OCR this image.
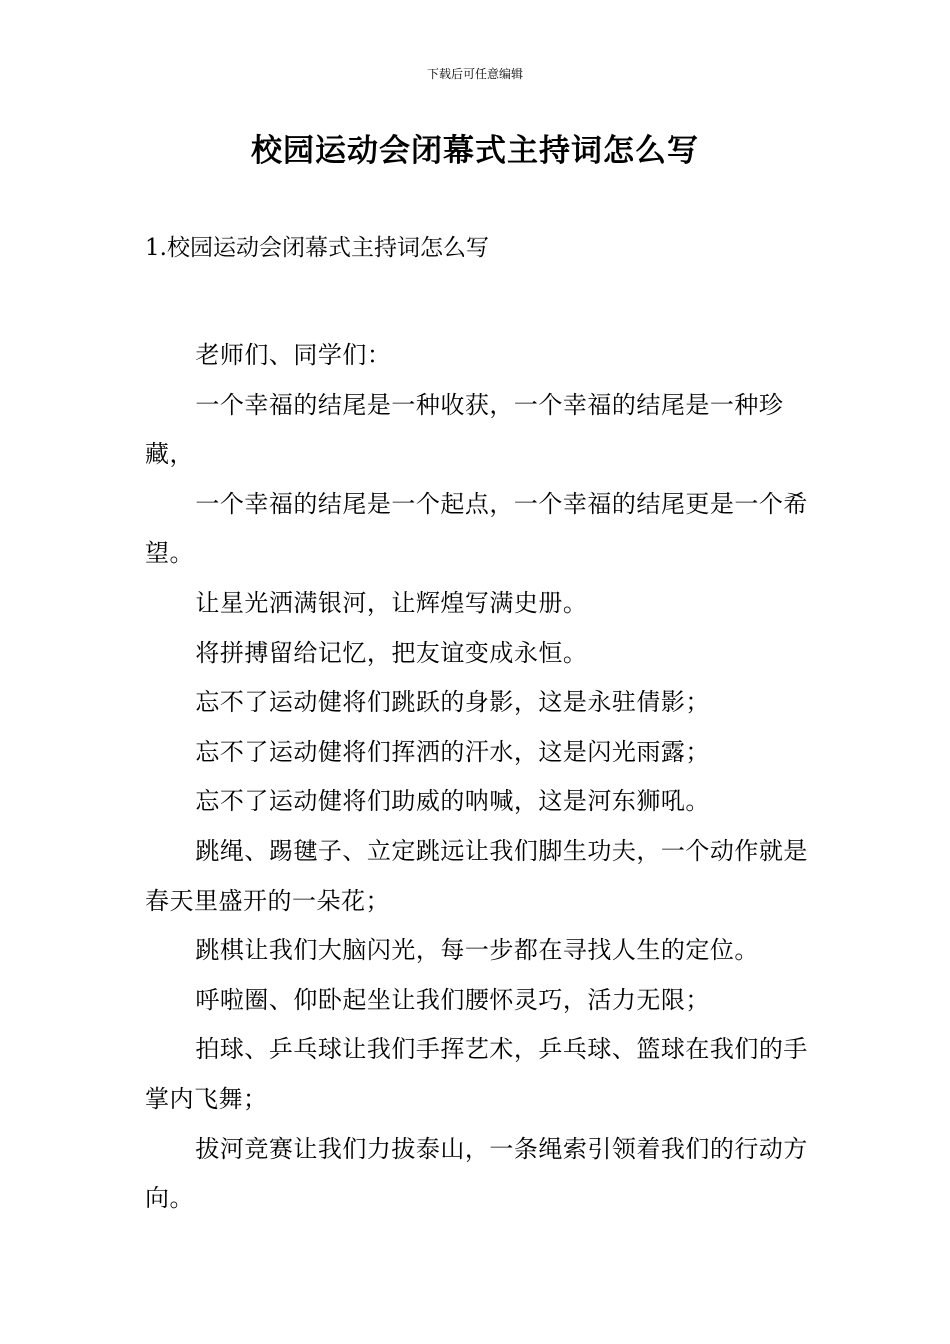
下载后可任意编辑
校园运动会闭幕式主持词怎么写
1.校园运动会闭幕式主持词怎么写

老师们、同学们：

一个幸福的结尾是一种收获，一个幸福的结尾是一种珍藏，

一个幸福的结尾是一个起点，一个幸福的结尾更是一个希望。

让星光洒满银河，让辉煌写满史册。

将拼搏留给记忆，把友谊变成永恒。

忘不了运动健将们跳跃的身影，这是永驻倩影；

忘不了运动健将们挥洒的汗水，这是闪光雨露；

忘不了运动健将们助威的呐喊，这是河东狮吼。

跳绳、踢毽子、立定跳远让我们脚生功夫，一个动作就是春天里盛开的一朵花；

跳棋让我们大脑闪光，每一步都在寻找人生的定位。

呼啦圈、仰卧起坐让我们腰怀灵巧，活力无限；

拍球、乒乓球让我们手挥艺术，乒乓球、篮球在我们的手掌内飞舞；

拔河竞赛让我们力拔泰山，一条绳索引领着我们的行动方向。
